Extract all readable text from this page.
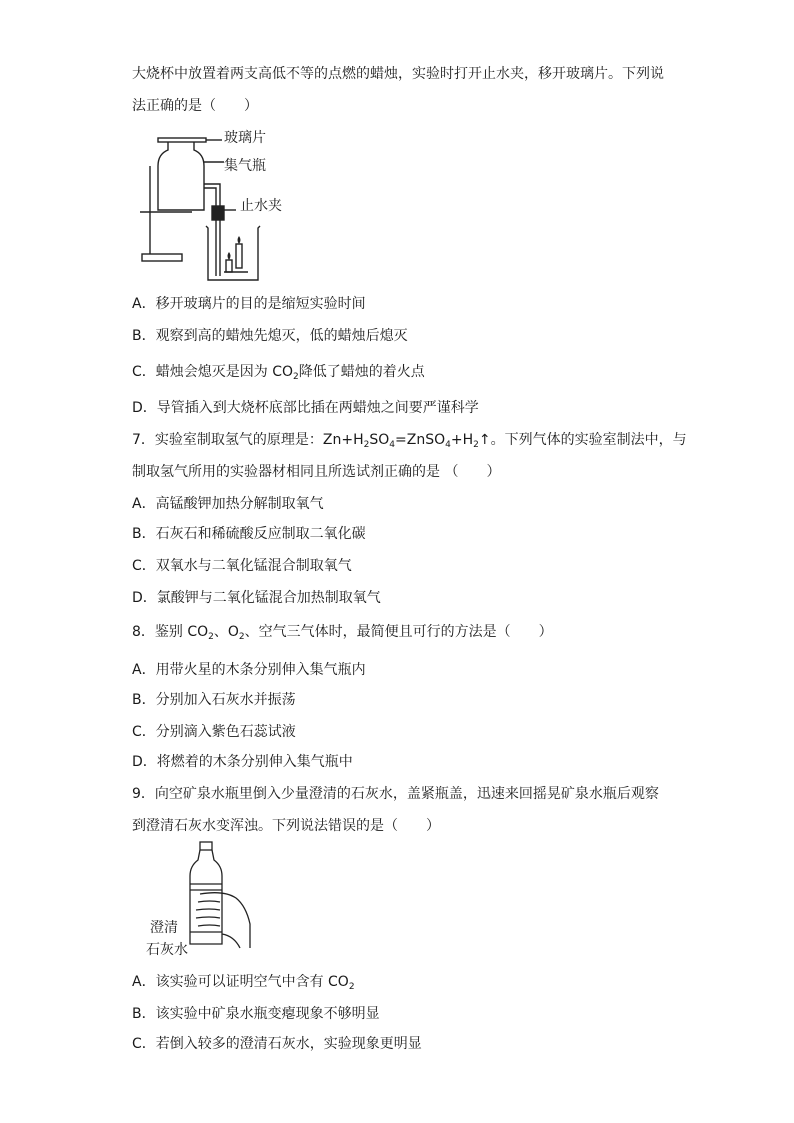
大烧杯中放置着两支高低不等的点燃的蜡烛，实验时打开止水夹，移开玻璃片。下列说
法正确的是（　　）
玻璃片
集气瓶
止水夹
A．移开玻璃片的目的是缩短实验时间
B．观察到高的蜡烛先熄灭，低的蜡烛后熄灭
C．蜡烛会熄灭是因为 $CO_2$降低了蜡烛的着火点
D．导管插入到大烧杯底部比插在两蜡烛之间要严谨科学
7．实验室制取氢气的原理是：$Zn+H_2SO_4=ZnSO_4+H_2↑$。下列气体的实验室制法中，与
制取氢气所用的实验器材相同且所选试剂正确的是 （　　）
A．高锰酸钾加热分解制取氧气
B．石灰石和稀硫酸反应制取二氧化碳
C．双氧水与二氧化锰混合制取氧气
D．氯酸钾与二氧化锰混合加热制取氧气
8．鉴别 $CO_2$、$O_2$、空气三气体时，最简便且可行的方法是（　　）
A．用带火星的木条分别伸入集气瓶内
B．分别加入石灰水并振荡
C．分别滴入紫色石蕊试液
D．将燃着的木条分别伸入集气瓶中
9．向空矿泉水瓶里倒入少量澄清的石灰水，盖紧瓶盖，迅速来回摇晃矿泉水瓶后观察
到澄清石灰水变浑浊。下列说法错误的是（　　）
澄清
石灰水
A．该实验可以证明空气中含有 $CO_2$
B．该实验中矿泉水瓶变瘪现象不够明显
C．若倒入较多的澄清石灰水，实验现象更明显
